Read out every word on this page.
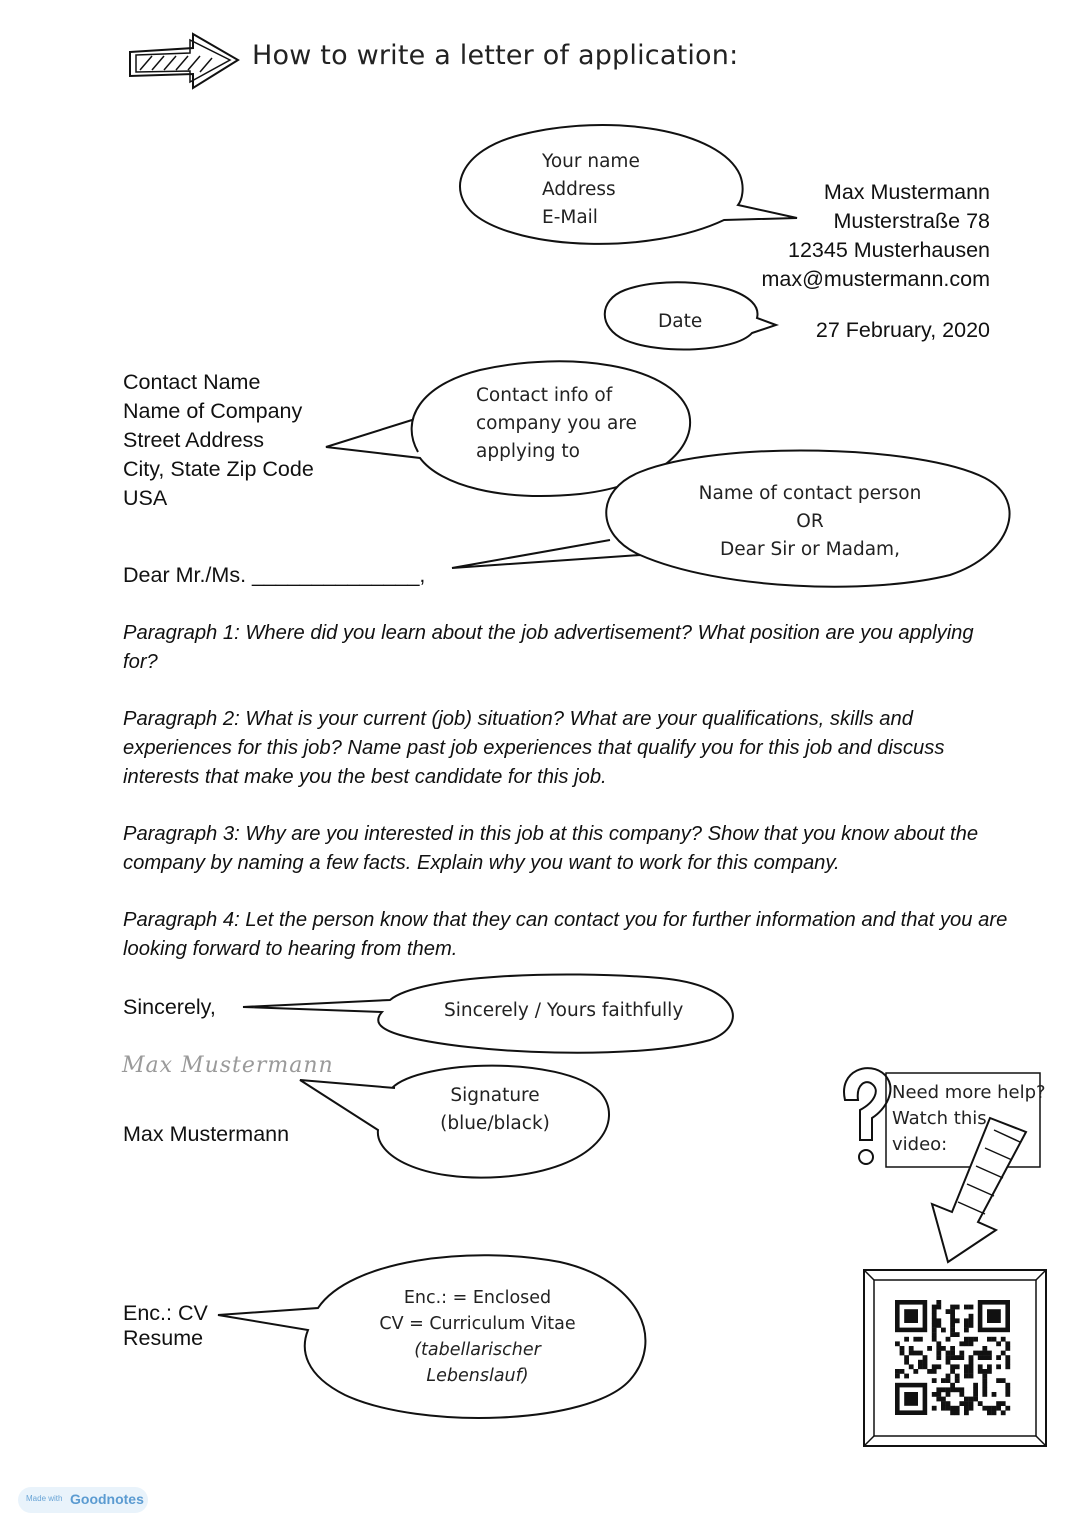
How to write a letter of application:
Max Mustermann
Musterstraße 78
12345 Musterhausen
max@mustermann.com
27 February, 2020
Contact Name
Name of Company
Street Address
City, State Zip Code
USA
Dear Mr./Ms. ______________,
Paragraph 1: Where did you learn about the job advertisement? What position are you applying for?
Paragraph 2: What is your current (job) situation? What are your qualifications, skills and experiences for this job? Name past job experiences that qualify you for this job and discuss interests that make you the best candidate for this job.
Paragraph 3: Why are you interested in this job at this company? Show that you know about the company by naming a few facts. Explain why you want to work for this company.
Paragraph 4: Let the person know that they can contact you for further information and that you are looking forward to hearing from them.
Sincerely,
Max Mustermann
Max Mustermann
Enc.: CV
Resume
Your name
Address
E-Mail
Date
Contact info of
company you are
applying to
Name of contact person
OR
Dear Sir or Madam,
Sincerely / Yours faithfully
Signature
(blue/black)
Enc.: = Enclosed
CV = Curriculum Vitae
(tabellarischer
Lebenslauf)
Need more help?
Watch this
video:
Made with Goodnotes
